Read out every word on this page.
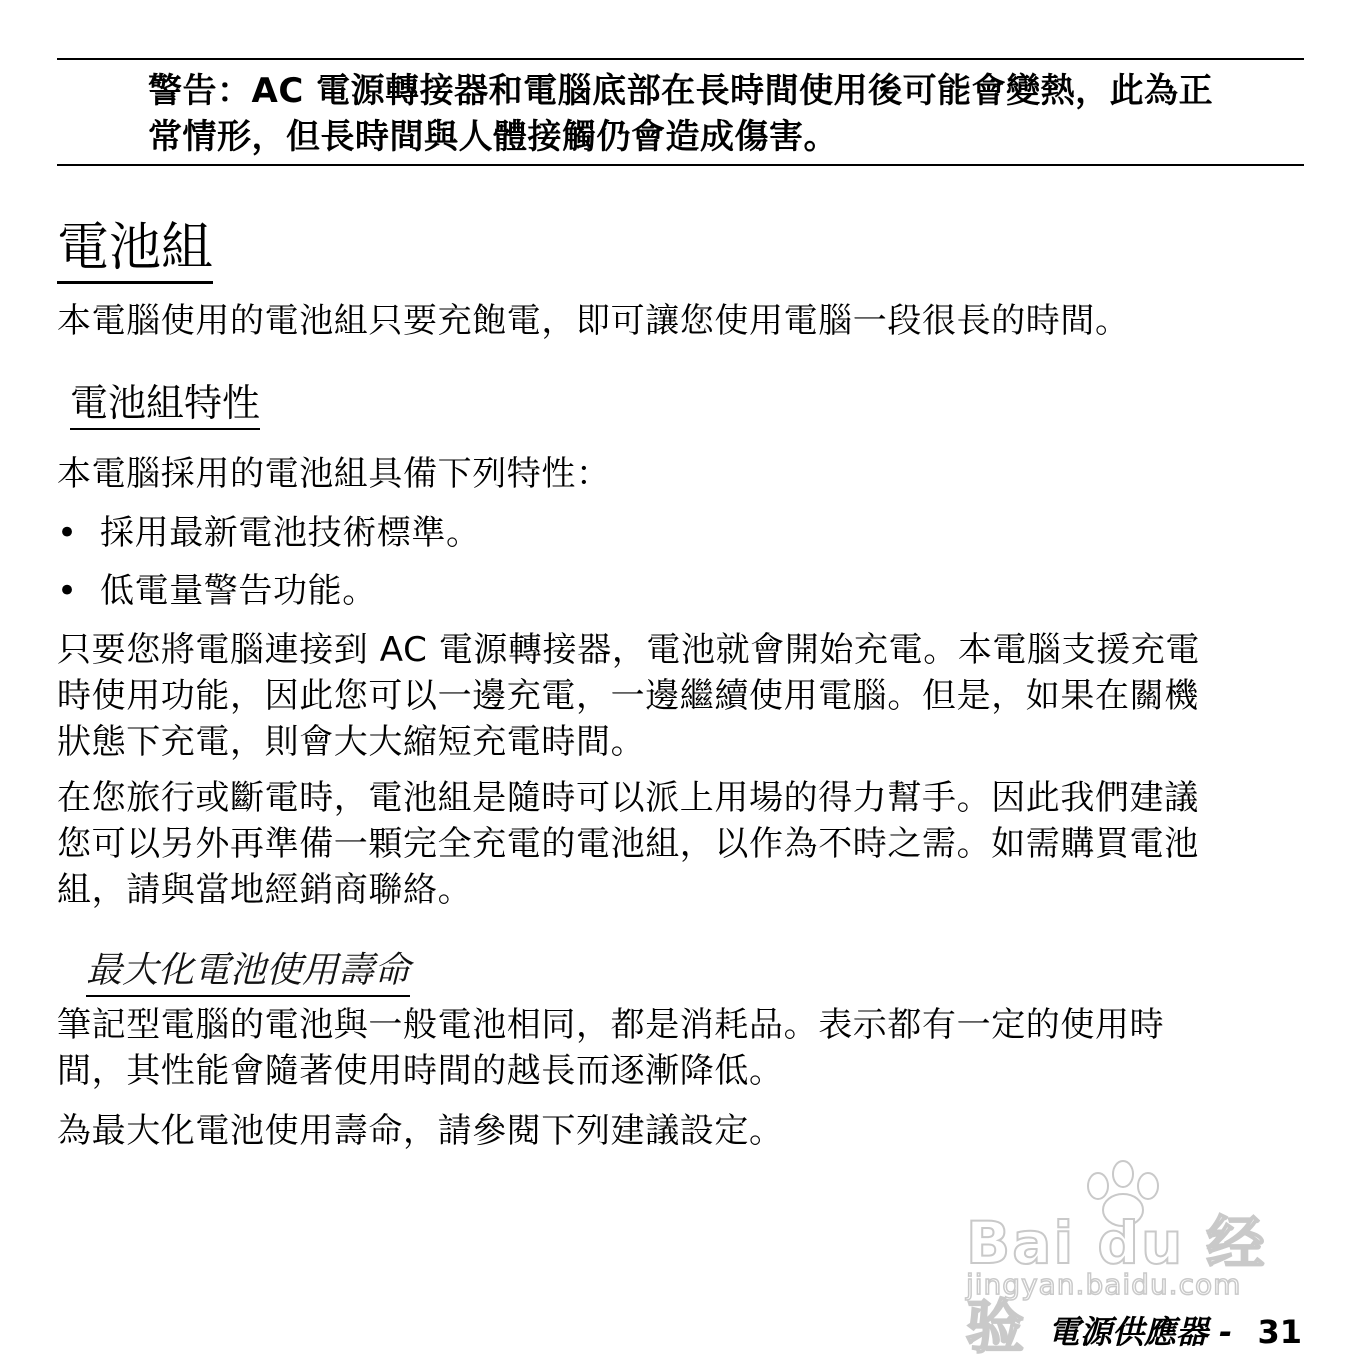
警告：AC 電源轉接器和電腦底部在長時間使用後可能會變熱，此為正
常情形，但長時間與人體接觸仍會造成傷害。
電池組
本電腦使用的電池組只要充飽電，即可讓您使用電腦一段很長的時間。
電池組特性
本電腦採用的電池組具備下列特性：
• 採用最新電池技術標準。
• 低電量警告功能。
只要您將電腦連接到 AC 電源轉接器，電池就會開始充電。本電腦支援充電
時使用功能，因此您可以一邊充電，一邊繼續使用電腦。但是，如果在關機
狀態下充電，則會大大縮短充電時間。
在您旅行或斷電時，電池組是隨時可以派上用場的得力幫手。因此我們建議
您可以另外再準備一顆完全充電的電池組，以作為不時之需。如需購買電池
組，請與當地經銷商聯絡。
最大化電池使用壽命
筆記型電腦的電池與一般電池相同，都是消耗品。表示都有一定的使用時
間，其性能會隨著使用時間的越長而逐漸降低。
為最大化電池使用壽命，請參閱下列建議設定。
Bai du 经验
jingyan.baidu.com
電源供應器 - 31
